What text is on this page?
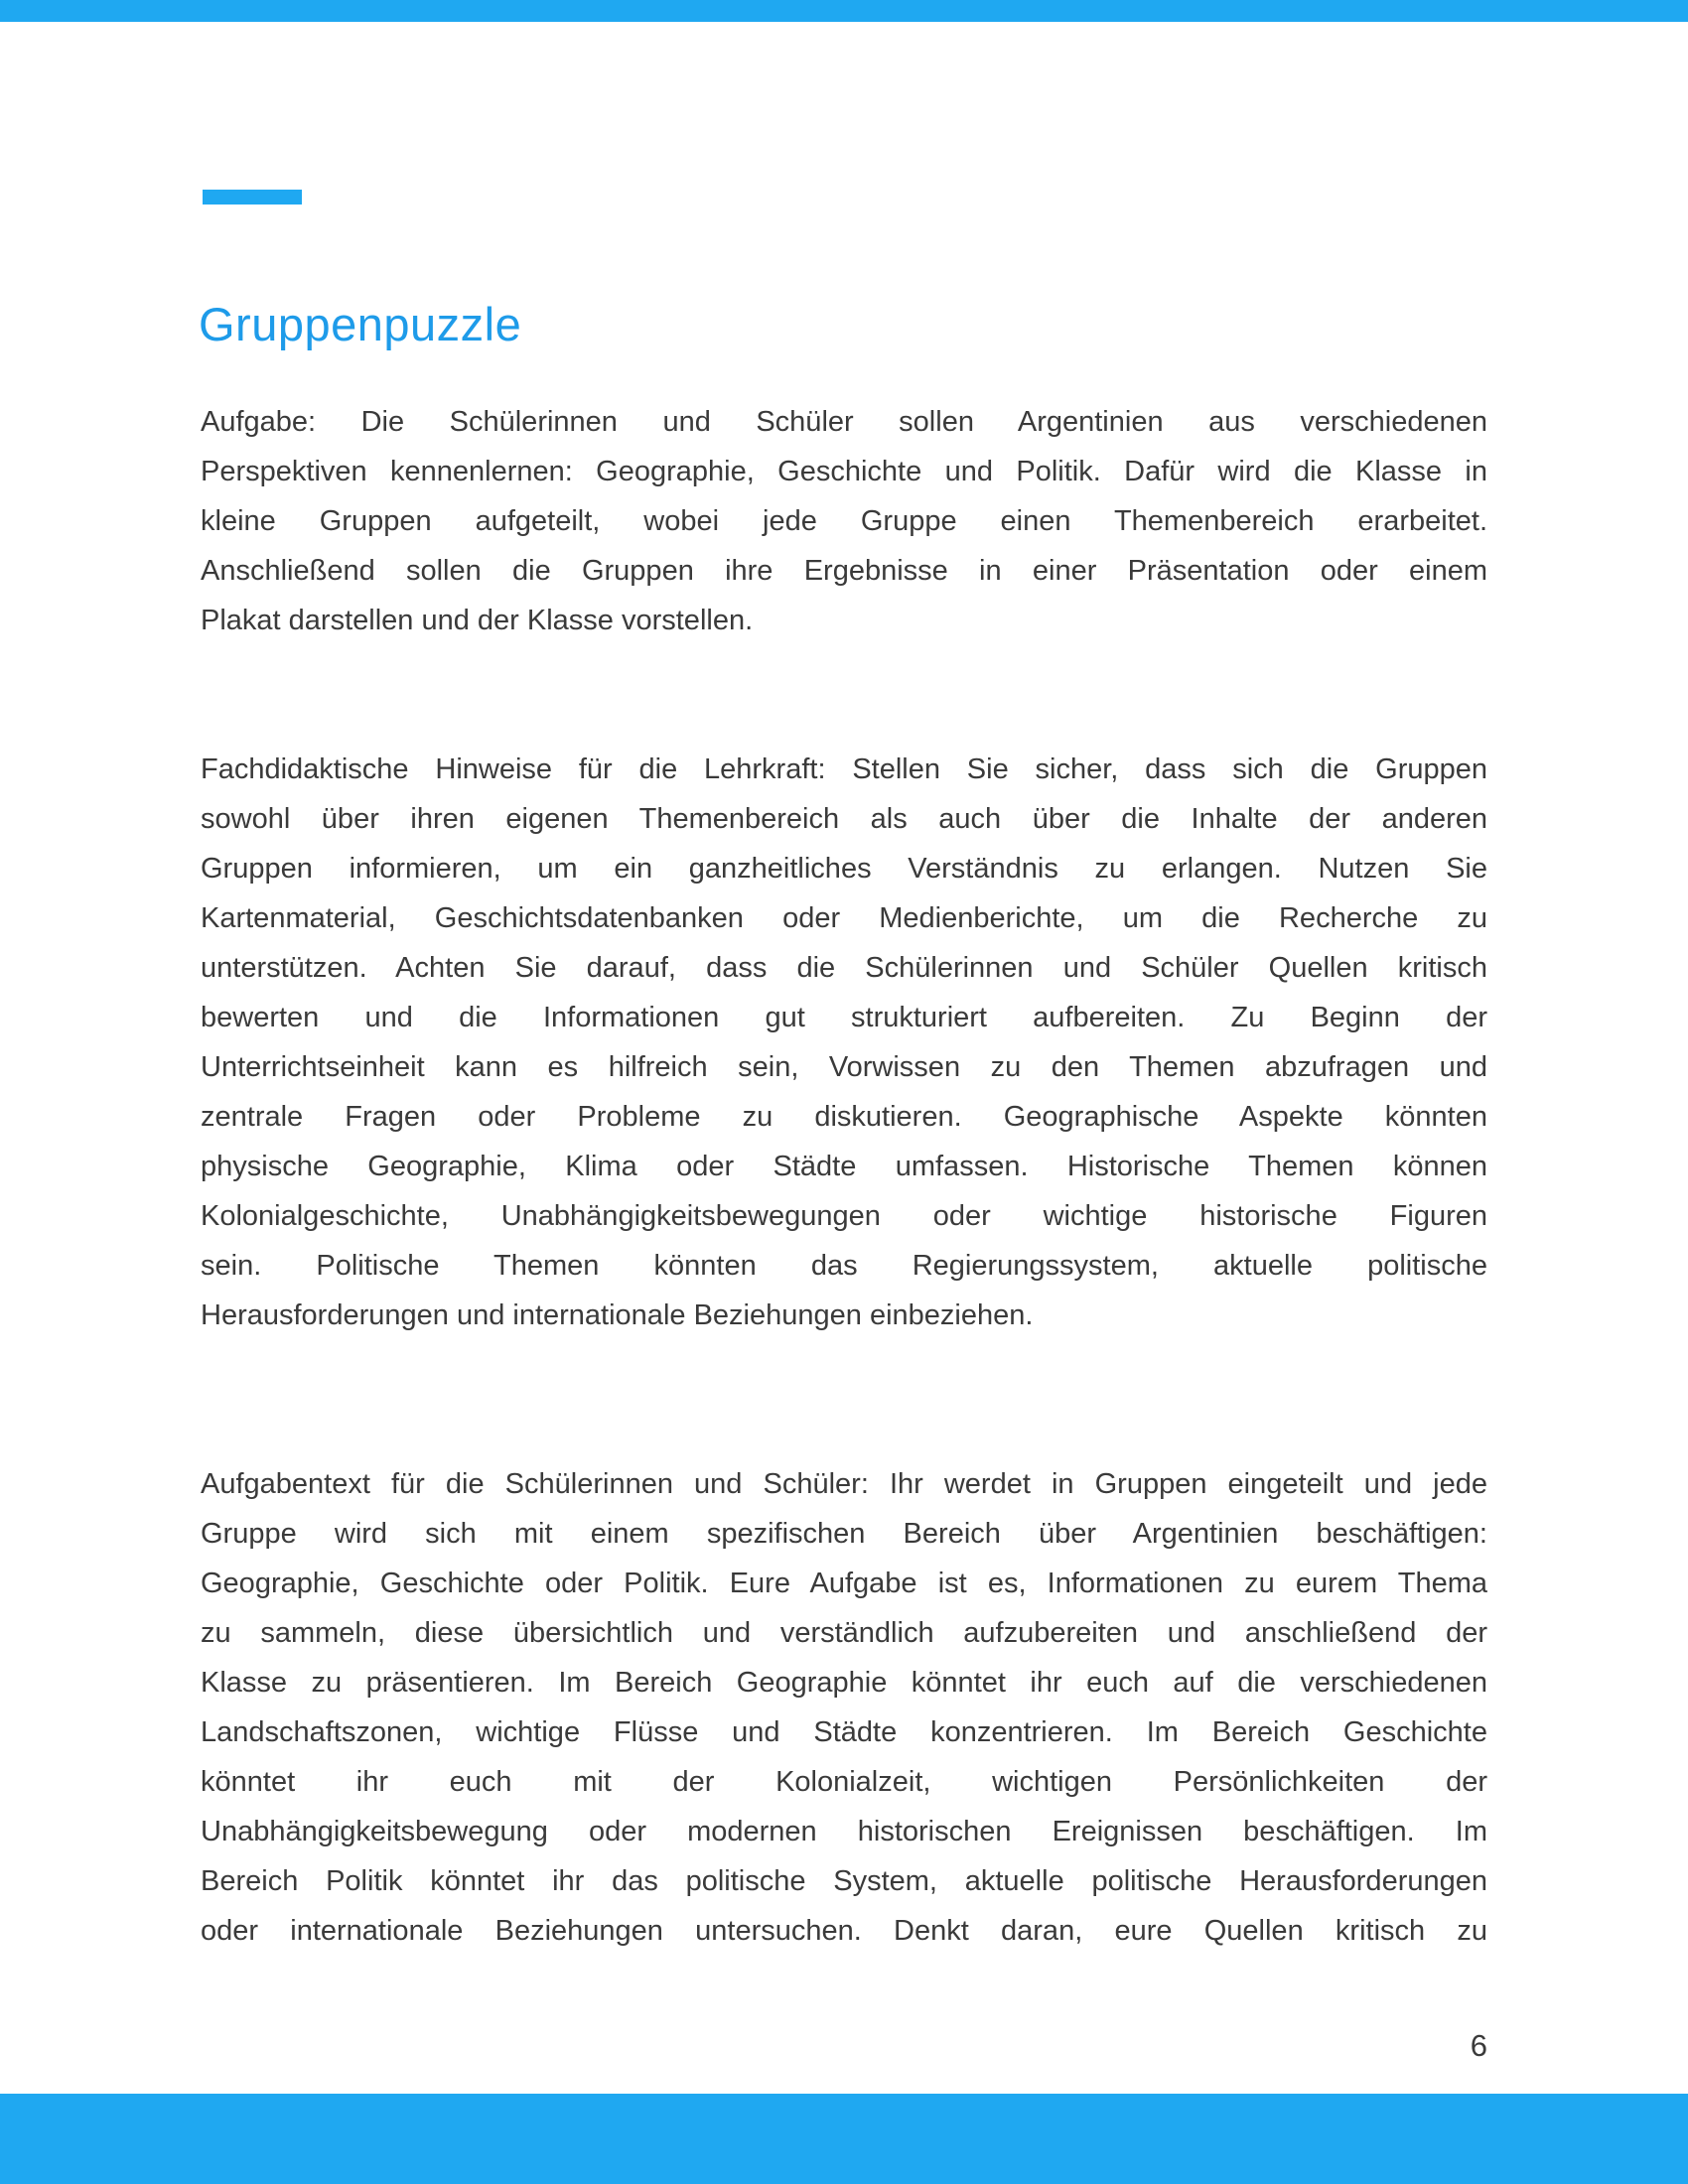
Gruppenpuzzle
Aufgabe: Die Schülerinnen und Schüler sollen Argentinien aus verschiedenen
Perspektiven kennenlernen: Geographie, Geschichte und Politik. Dafür wird die Klasse in
kleine Gruppen aufgeteilt, wobei jede Gruppe einen Themenbereich erarbeitet.
Anschließend sollen die Gruppen ihre Ergebnisse in einer Präsentation oder einem
Plakat darstellen und der Klasse vorstellen.
Fachdidaktische Hinweise für die Lehrkraft: Stellen Sie sicher, dass sich die Gruppen
sowohl über ihren eigenen Themenbereich als auch über die Inhalte der anderen
Gruppen informieren, um ein ganzheitliches Verständnis zu erlangen. Nutzen Sie
Kartenmaterial, Geschichtsdatenbanken oder Medienberichte, um die Recherche zu
unterstützen. Achten Sie darauf, dass die Schülerinnen und Schüler Quellen kritisch
bewerten und die Informationen gut strukturiert aufbereiten. Zu Beginn der
Unterrichtseinheit kann es hilfreich sein, Vorwissen zu den Themen abzufragen und
zentrale Fragen oder Probleme zu diskutieren. Geographische Aspekte könnten
physische Geographie, Klima oder Städte umfassen. Historische Themen können
Kolonialgeschichte, Unabhängigkeitsbewegungen oder wichtige historische Figuren
sein. Politische Themen könnten das Regierungssystem, aktuelle politische
Herausforderungen und internationale Beziehungen einbeziehen.
Aufgabentext für die Schülerinnen und Schüler: Ihr werdet in Gruppen eingeteilt und jede
Gruppe wird sich mit einem spezifischen Bereich über Argentinien beschäftigen:
Geographie, Geschichte oder Politik. Eure Aufgabe ist es, Informationen zu eurem Thema
zu sammeln, diese übersichtlich und verständlich aufzubereiten und anschließend der
Klasse zu präsentieren. Im Bereich Geographie könntet ihr euch auf die verschiedenen
Landschaftszonen, wichtige Flüsse und Städte konzentrieren. Im Bereich Geschichte
könntet ihr euch mit der Kolonialzeit, wichtigen Persönlichkeiten der
Unabhängigkeitsbewegung oder modernen historischen Ereignissen beschäftigen. Im
Bereich Politik könntet ihr das politische System, aktuelle politische Herausforderungen
oder internationale Beziehungen untersuchen. Denkt daran, eure Quellen kritisch zu
6
